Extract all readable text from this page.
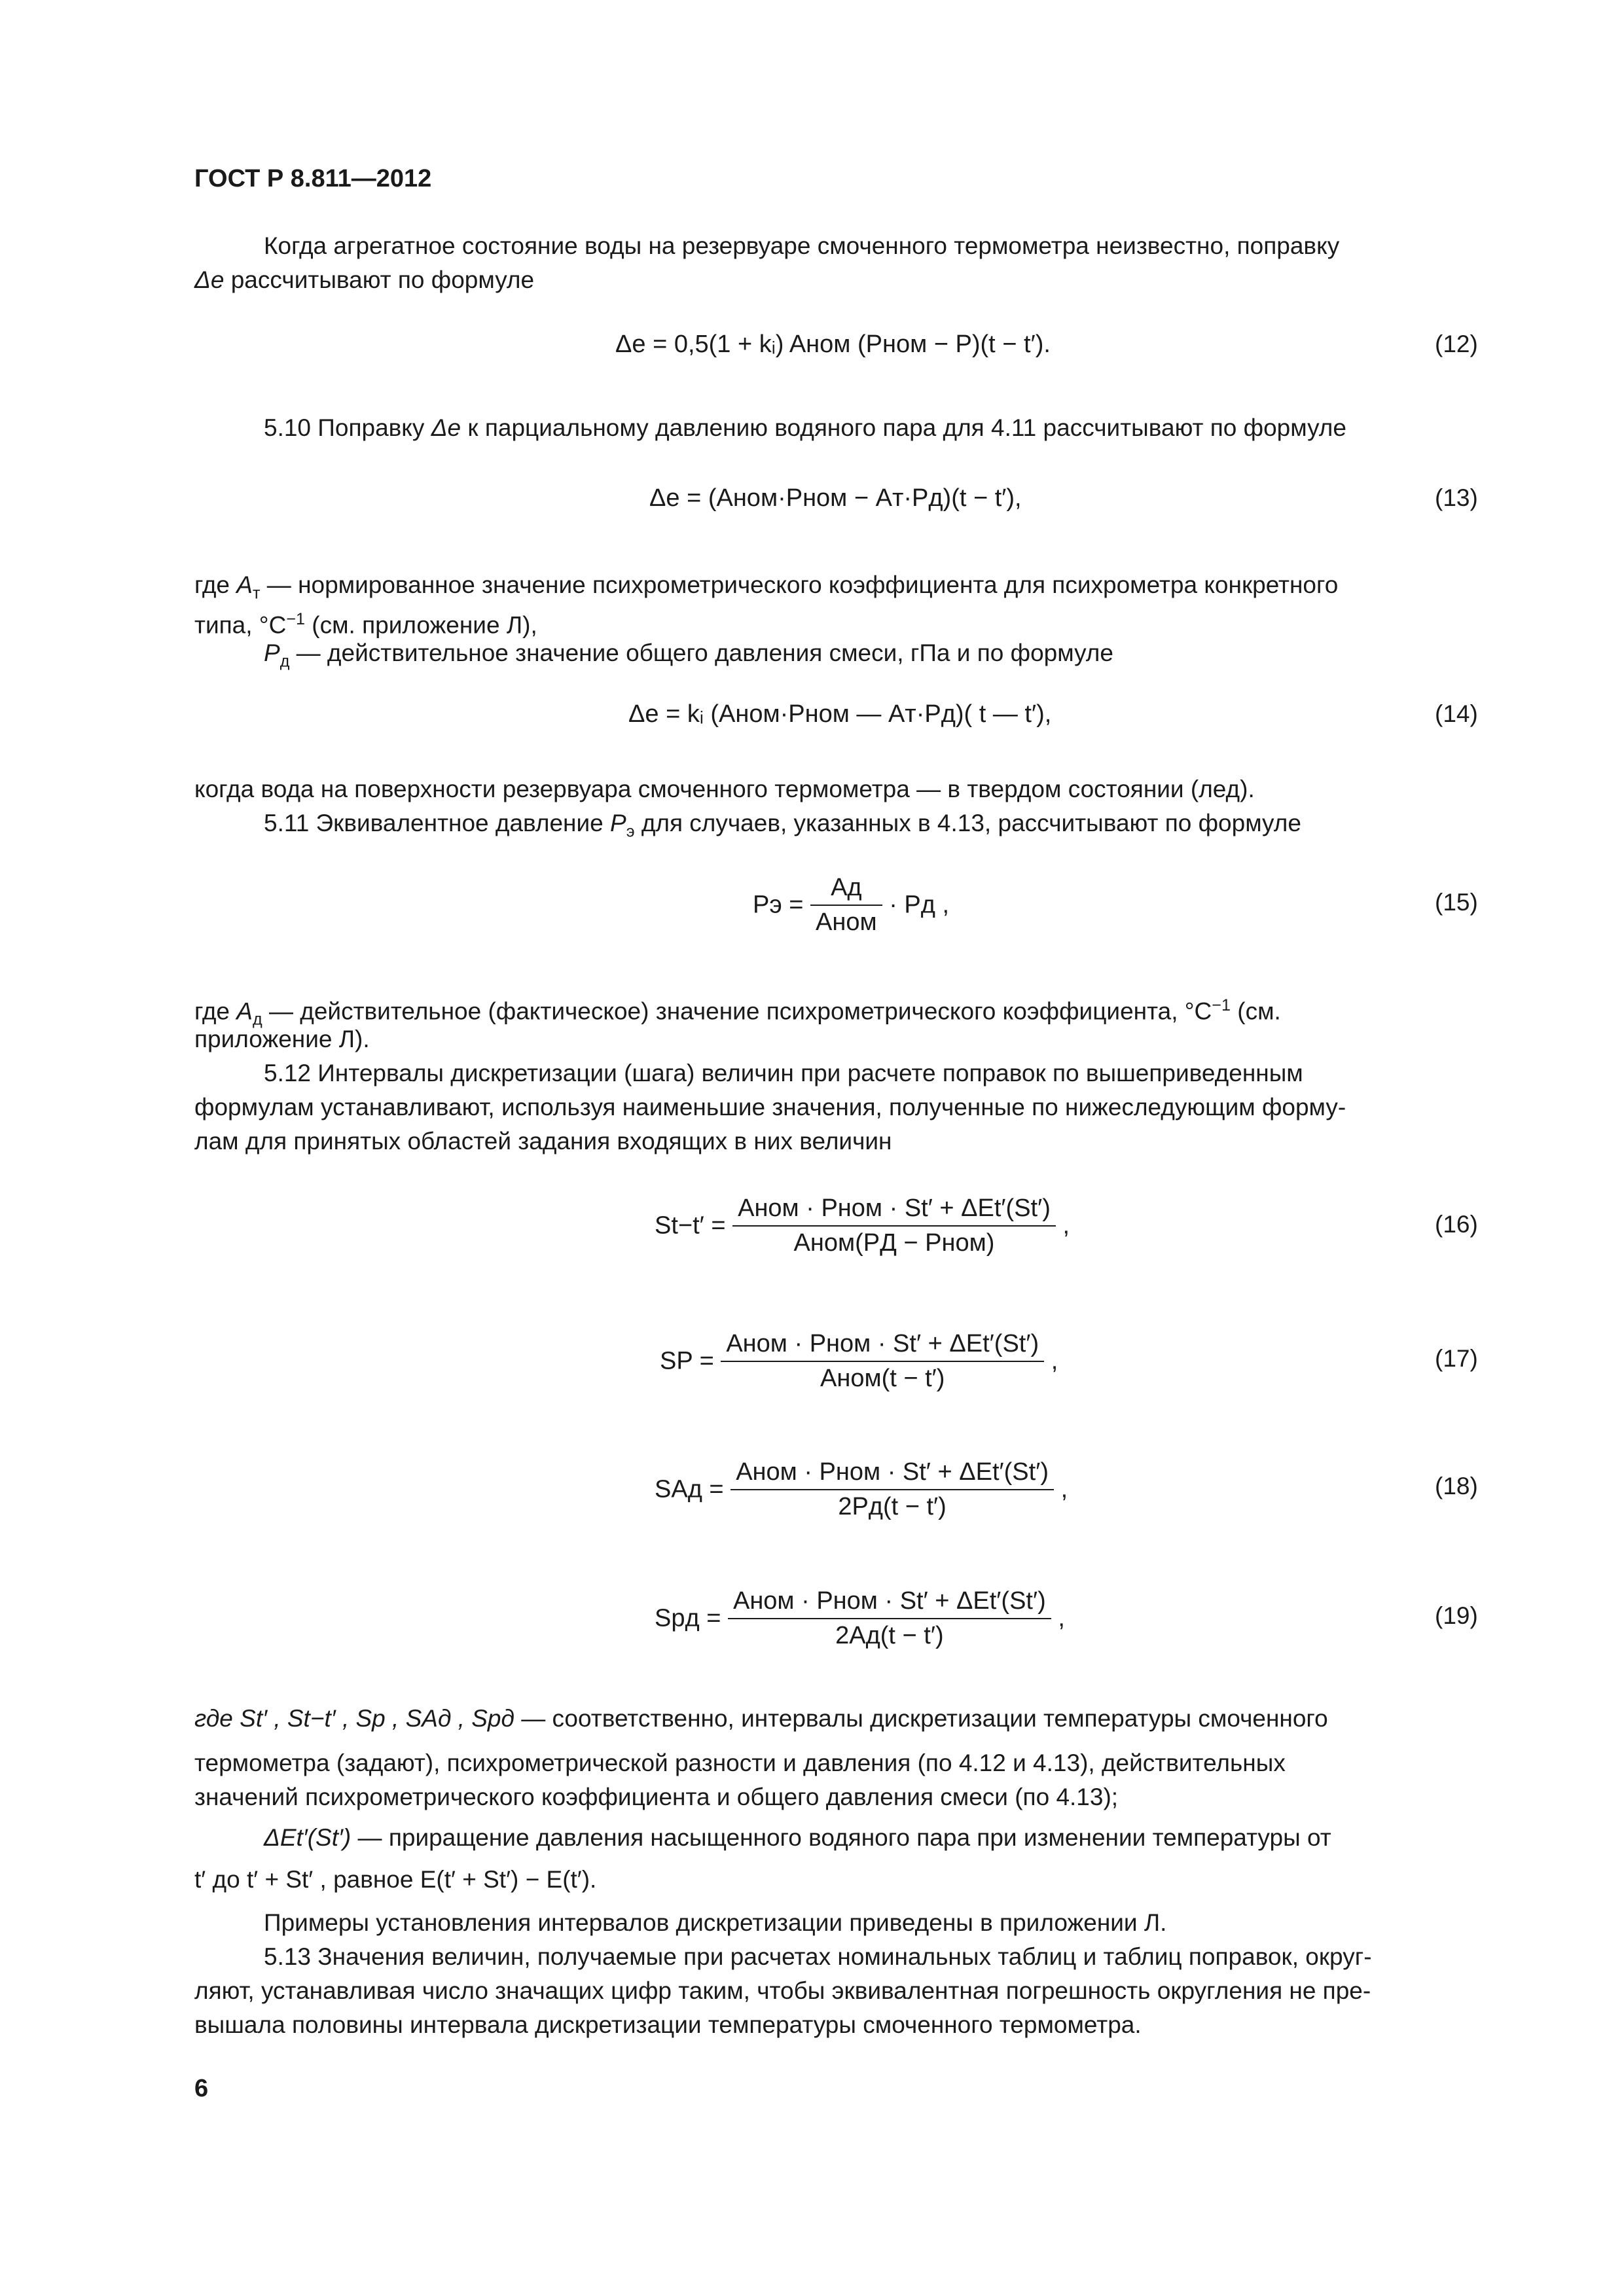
ГОСТ Р 8.811—2012
Когда агрегатное состояние воды на резервуаре смоченного термометра неизвестно, поправку
Δe рассчитывают по формуле
Δe = 0,5(1 + kᵢ) Aном (Pном − P)(t − t′).	(12)
5.10 Поправку Δe к парциальному давлению водяного пара для 4.11 рассчитывают по формуле
Δe = (Aном·Pном − Aт·Pд)(t − t′),	(13)
где $A_т$ — нормированное значение психрометрического коэффициента для психрометра конкретного
типа, $^\circ C^{-1}$ (см. приложение Л),
$P_д$ — действительное значение общего давления смеси, гПа и по формуле
Δe = kᵢ (Aном·Pном — Aт·Pд)( t — t′),	(14)
когда вода на поверхности резервуара смоченного термометра — в твердом состоянии (лед).
5.11 Эквивалентное давление $P_э$ для случаев, указанных в 4.13, рассчитывают по формуле
Pэ = $\frac{Aд}{\text{Aном}}$ · Pд ,	(15)
где $A_д$ — действительное (фактическое) значение психрометрического коэффициента, $^\circ C^{-1}$ (см.
приложение Л).
5.12 Интервалы дискретизации (шага) величин при расчете поправок по вышеприведенным
формулам устанавливают, используя наименьшие значения, полученные по нижеследующим форму-
лам для принятых областей задания входящих в них величин
$St-t' = \frac{\text{Aном · Pном · St′ + ΔEt′(St′)}}{\text{Aном(PД − Pном)}}$ ,	(16)
SP = $\frac{\text{Aном · Pном · St′ + ΔEt′(St′)}}{\text{Aном(t − t′)}}$ ,	(17)
SAд = $\frac{\text{Aном · Pном · St′ + ΔEt′(St′)}}{2Pд(t - t')}$ ,	(18)
Spд = $\frac{\text{Aном · Pном · St′ + ΔEt′(St′)}}{2Aд(t - t')}$ ,	(19)
где St′ , St−t′ , Sp , SAд , Spд — соответственно, интервалы дискретизации температуры смоченного
термометра (задают), психрометрической разности и давления (по 4.12 и 4.13), действительных
значений психрометрического коэффициента и общего давления смеси (по 4.13);
ΔEt′(St′) — приращение давления насыщенного водяного пара при изменении температуры от
t′ до t′ + St′ , равное E(t′ + St′) − E(t′).
Примеры установления интервалов дискретизации приведены в приложении Л.
5.13 Значения величин, получаемые при расчетах номинальных таблиц и таблиц поправок, округ-
ляют, устанавливая число значащих цифр таким, чтобы эквивалентная погрешность округления не пре-
вышала половины интервала дискретизации температуры смоченного термометра.
6
